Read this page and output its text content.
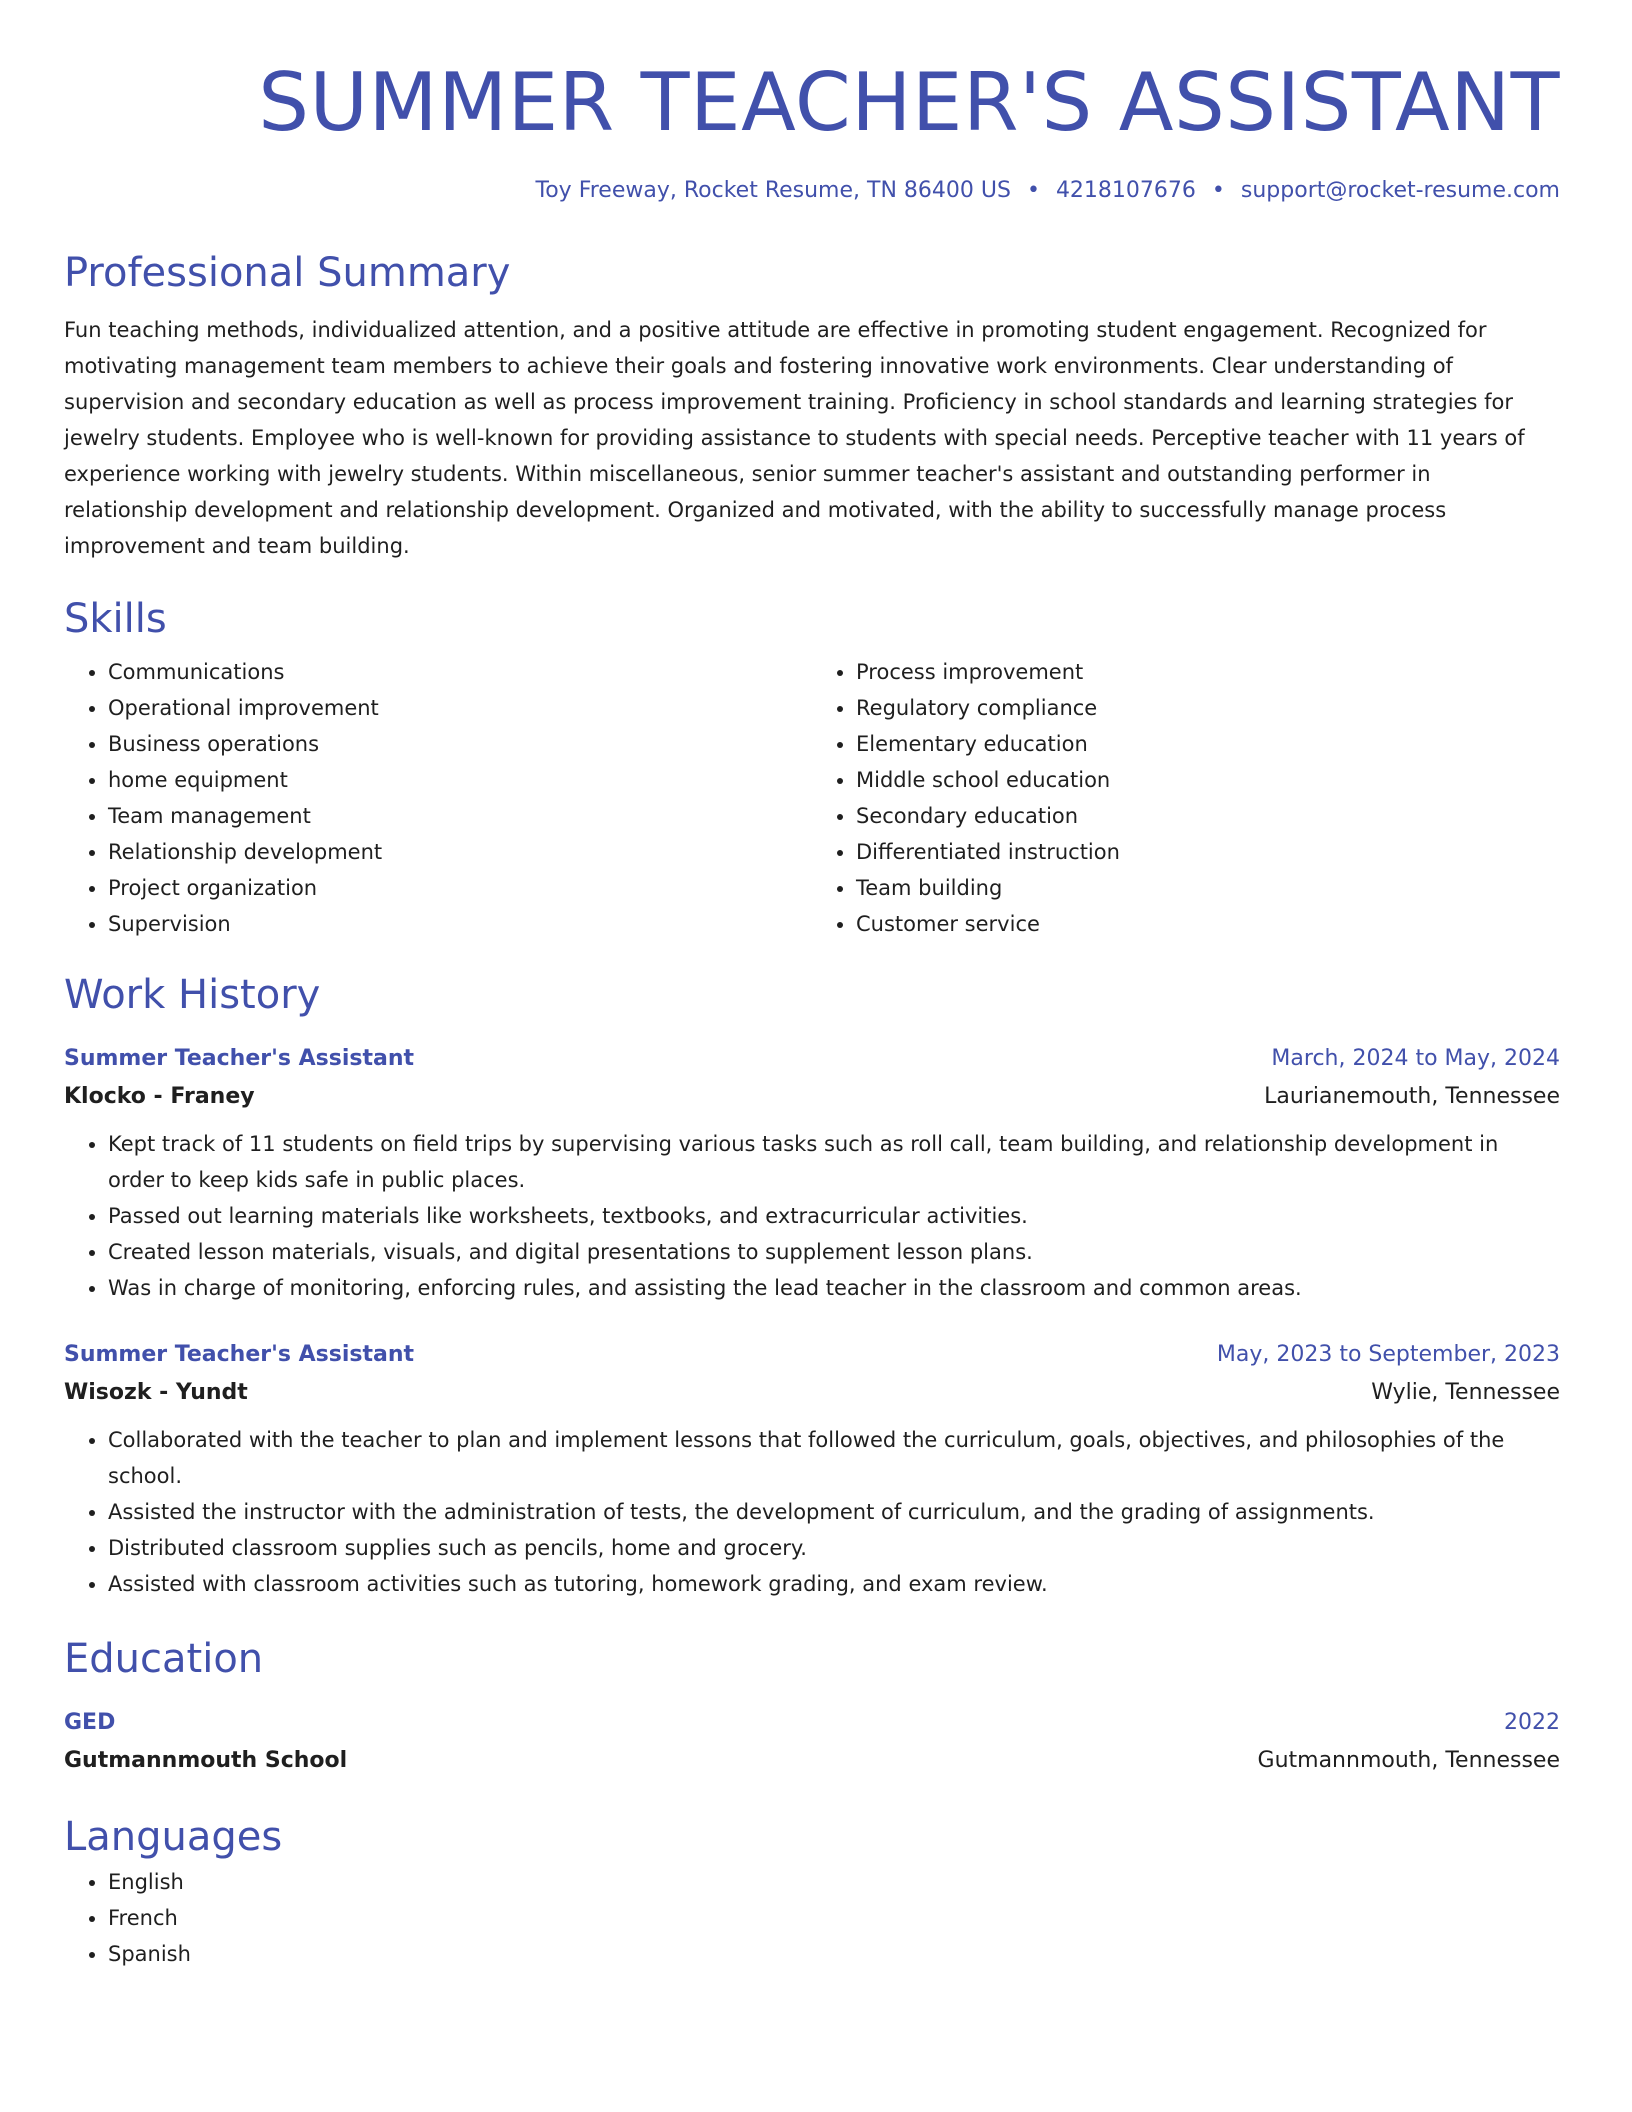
SUMMER TEACHER'S ASSISTANT
Toy Freeway, Rocket Resume, TN 86400 US • 4218107676 • support@rocket-resume.com
Professional Summary

Fun teaching methods, individualized attention, and a positive attitude are effective in promoting student engagement. Recognized for motivating management team members to achieve their goals and fostering innovative work environments. Clear understanding of supervision and secondary education as well as process improvement training. Proficiency in school standards and learning strategies for jewelry students. Employee who is well-known for providing assistance to students with special needs. Perceptive teacher with 11 years of experience working with jewelry students. Within miscellaneous, senior summer teacher's assistant and outstanding performer in relationship development and relationship development. Organized and motivated, with the ability to successfully manage process improvement and team building.

Skills
• Communications
• Operational improvement
• Business operations
• home equipment
• Team management
• Relationship development
• Project organization
• Supervision
• Process improvement
• Regulatory compliance
• Elementary education
• Middle school education
• Secondary education
• Differentiated instruction
• Team building
• Customer service
Work History
Summer Teacher's Assistant	March, 2024 to May, 2024
Klocko - Franey	Laurianemouth, Tennessee
• Kept track of 11 students on field trips by supervising various tasks such as roll call, team building, and relationship development in order to keep kids safe in public places.
• Passed out learning materials like worksheets, textbooks, and extracurricular activities.
• Created lesson materials, visuals, and digital presentations to supplement lesson plans.
• Was in charge of monitoring, enforcing rules, and assisting the lead teacher in the classroom and common areas.
Summer Teacher's Assistant	May, 2023 to September, 2023
Wisozk - Yundt	Wylie, Tennessee
• Collaborated with the teacher to plan and implement lessons that followed the curriculum, goals, objectives, and philosophies of the school.
• Assisted the instructor with the administration of tests, the development of curriculum, and the grading of assignments.
• Distributed classroom supplies such as pencils, home and grocery.
• Assisted with classroom activities such as tutoring, homework grading, and exam review.
Education
GED	2022
Gutmannmouth School	Gutmannmouth, Tennessee
Languages
• English
• French
• Spanish
